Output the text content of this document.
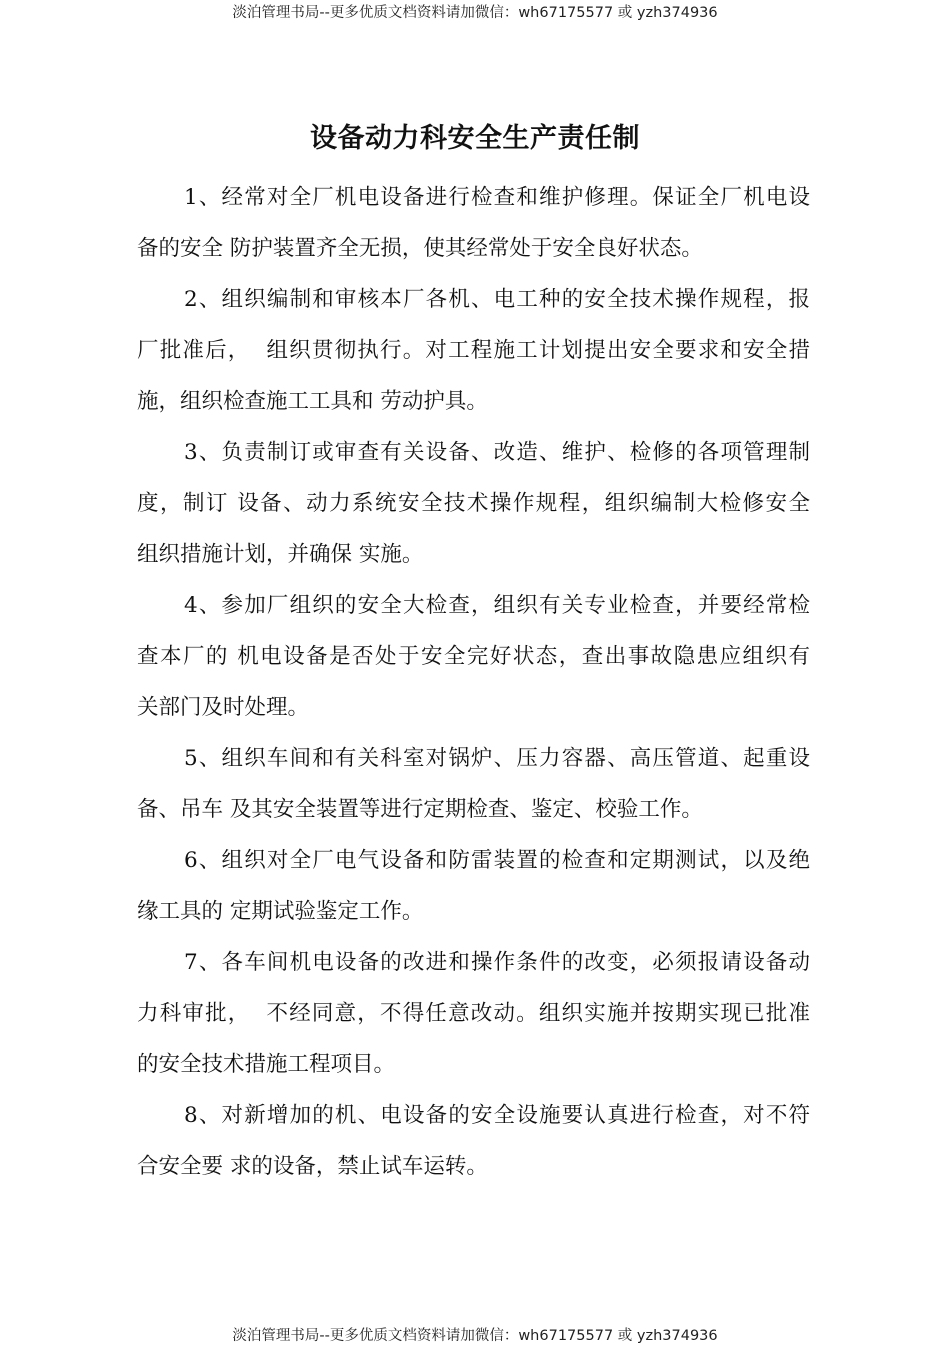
淡泊管理书局--更多优质文档资料请加微信：wh67175577 或 yzh374936
设备动力科安全生产责任制
1、经常对全厂机电设备进行检查和维护修理。保证全厂机电设
备的安全 防护装置齐全无损，使其经常处于安全良好状态。
2、组织编制和审核本厂各机、电工种的安全技术操作规程，报
厂批准后，  组织贯彻执行。对工程施工计划提出安全要求和安全措
施，组织检查施工工具和 劳动护具。
3、负责制订或审查有关设备、改造、维护、检修的各项管理制
度，制订 设备、动力系统安全技术操作规程，组织编制大检修安全
组织措施计划，并确保 实施。
4、参加厂组织的安全大检查，组织有关专业检查，并要经常检
查本厂的 机电设备是否处于安全完好状态，查出事故隐患应组织有
关部门及时处理。
5、组织车间和有关科室对锅炉、压力容器、高压管道、起重设
备、吊车 及其安全装置等进行定期检查、鉴定、校验工作。
6、组织对全厂电气设备和防雷装置的检查和定期测试，以及绝
缘工具的 定期试验鉴定工作。
7、各车间机电设备的改进和操作条件的改变，必须报请设备动
力科审批，  不经同意，不得任意改动。组织实施并按期实现已批准
的安全技术措施工程项目。
8、对新增加的机、电设备的安全设施要认真进行检查，对不符
合安全要 求的设备，禁止试车运转。
淡泊管理书局--更多优质文档资料请加微信：wh67175577 或 yzh374936
